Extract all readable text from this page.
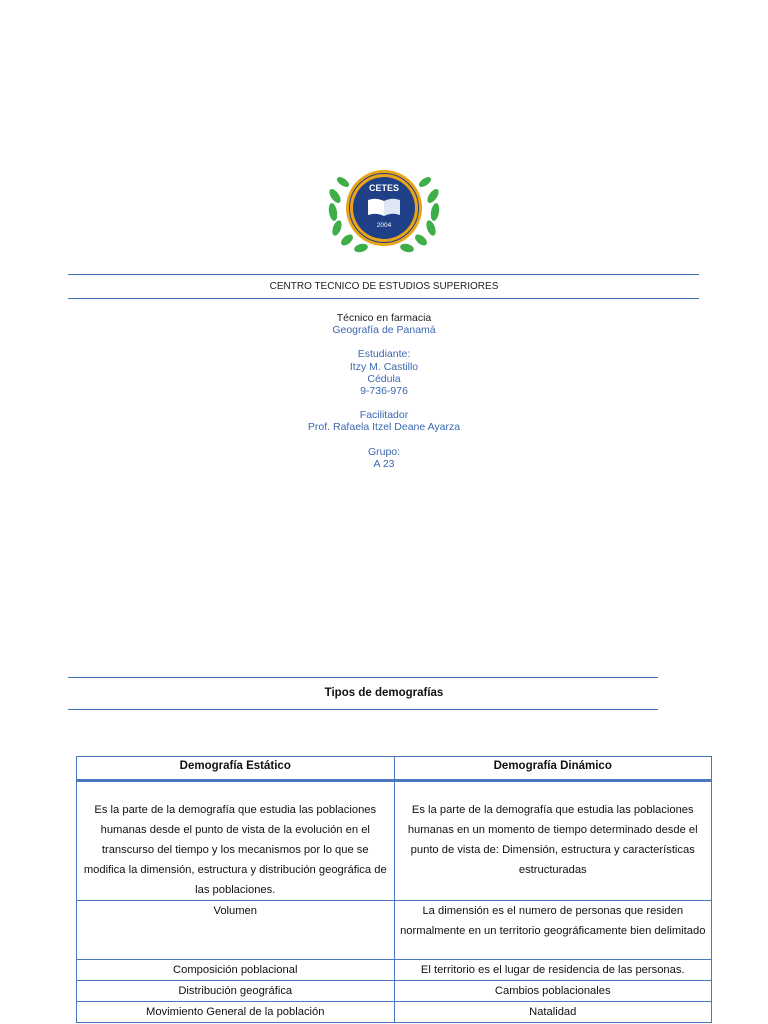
CETES
2004
CENTRO TECNICO DE ESTUDIOS SUPERIORES
Técnico en farmacia
Geografía de Panamá
Estudiante:
Itzy M. Castillo
Cédula
9-736-976
Facilitador
Prof. Rafaela Itzel Deane Ayarza
Grupo:
A 23
Tipos de demografías
Demografía Estático	Demografía Dinámico
Es la parte de la demografía que estudia las poblaciones humanas desde el punto de vista de la evolución en el transcurso del tiempo y los mecanismos por lo que se modifica la dimensión, estructura y distribución geográfica de las poblaciones.	Es la parte de la demografía que estudia las poblaciones humanas en un momento de tiempo determinado desde el punto de vista de: Dimensión, estructura y características estructuradas
Volumen	La dimensión es el numero de personas que residen normalmente en un territorio geográficamente bien delimitado
Composición poblacional	El territorio es el lugar de residencia de las personas.
Distribución geográfica	Cambios poblacionales
Movimiento General de la población	Natalidad
